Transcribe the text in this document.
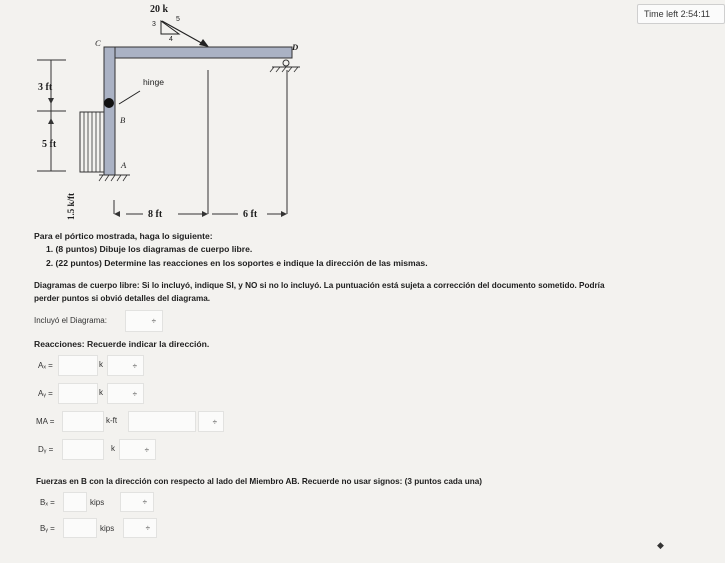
20 k
3
5
4
C	D
hinge
B
A
3 ft
5 ft
1.5 k/ft	8 ft	6 ft
Time left 2:54:11
Para el pórtico mostrada, haga lo siguiente:
1. (8 puntos) Dibuje los diagramas de cuerpo libre.
2. (22 puntos) Determine las reacciones en los soportes e indique la dirección de las mismas.
Diagramas de cuerpo libre: Si lo incluyó, indique SI, y NO si no lo incluyó. La puntuación está sujeta a corrección del documento sometido. Podría
perder puntos si obvió detalles del diagrama.
Incluyó el Diagrama:	÷
Reacciones: Recuerde indicar la dirección.
Aₓ =	k	÷
Aᵧ =	k	÷
MA =	k-ft	÷
Dᵧ =	k	÷
Fuerzas en B con la dirección con respecto al lado del Miembro AB. Recuerde no usar signos: (3 puntos cada una)
Bₓ =	kips	÷
Bᵧ =	kips	÷
◆
